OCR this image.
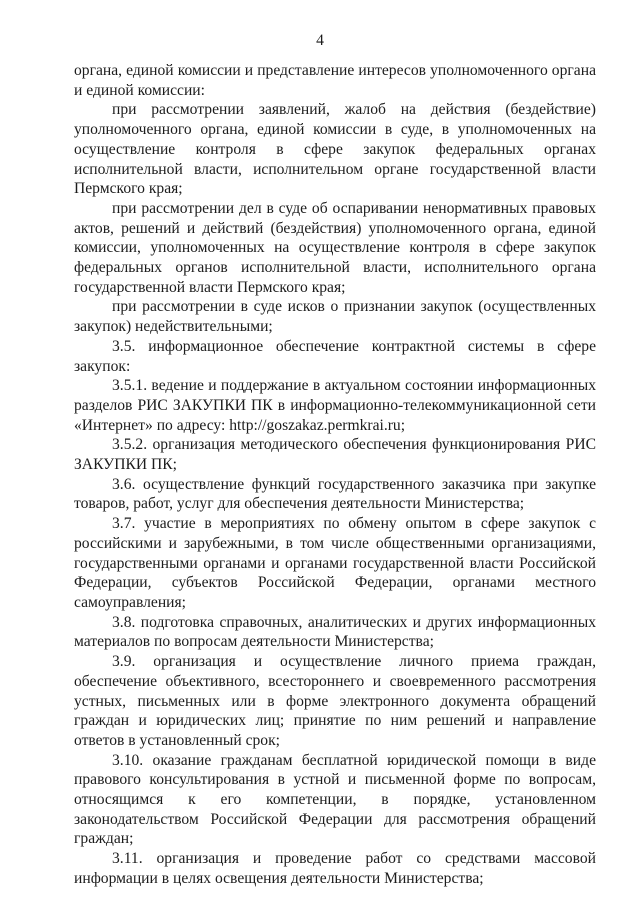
4

органа, единой комиссии и представление интересов уполномоченного органа и единой комиссии:

при рассмотрении заявлений, жалоб на действия (бездействие) уполномоченного органа, единой комиссии в суде, в уполномоченных на осуществление контроля в сфере закупок федеральных органах исполнительной власти, исполнительном органе государственной власти Пермского края;

при рассмотрении дел в суде об оспаривании ненормативных правовых актов, решений и действий (бездействия) уполномоченного органа, единой комиссии, уполномоченных на осуществление контроля в сфере закупок федеральных органов исполнительной власти, исполнительного органа государственной власти Пермского края;

при рассмотрении в суде исков о признании закупок (осуществленных закупок) недействительными;

3.5. информационное обеспечение контрактной системы в сфере закупок:

3.5.1. ведение и поддержание в актуальном состоянии информационных разделов РИС ЗАКУПКИ ПК в информационно-телекоммуникационной сети «Интернет» по адресу: http://goszakaz.permkrai.ru;

3.5.2. организация методического обеспечения функционирования РИС ЗАКУПКИ ПК;

3.6. осуществление функций государственного заказчика при закупке товаров, работ, услуг для обеспечения деятельности Министерства;

3.7. участие в мероприятиях по обмену опытом в сфере закупок с российскими и зарубежными, в том числе общественными организациями, государственными органами и органами государственной власти Российской Федерации, субъектов Российской Федерации, органами местного самоуправления;

3.8. подготовка справочных, аналитических и других информационных материалов по вопросам деятельности Министерства;

3.9. организация и осуществление личного приема граждан, обеспечение объективного, всестороннего и своевременного рассмотрения устных, письменных или в форме электронного документа обращений граждан и юридических лиц; принятие по ним решений и направление ответов в установленный срок;

3.10. оказание гражданам бесплатной юридической помощи в виде правового консультирования в устной и письменной форме по вопросам, относящимся к его компетенции, в порядке, установленном законодательством Российской Федерации для рассмотрения обращений граждан;

3.11. организация и проведение работ со средствами массовой информации в целях освещения деятельности Министерства;
